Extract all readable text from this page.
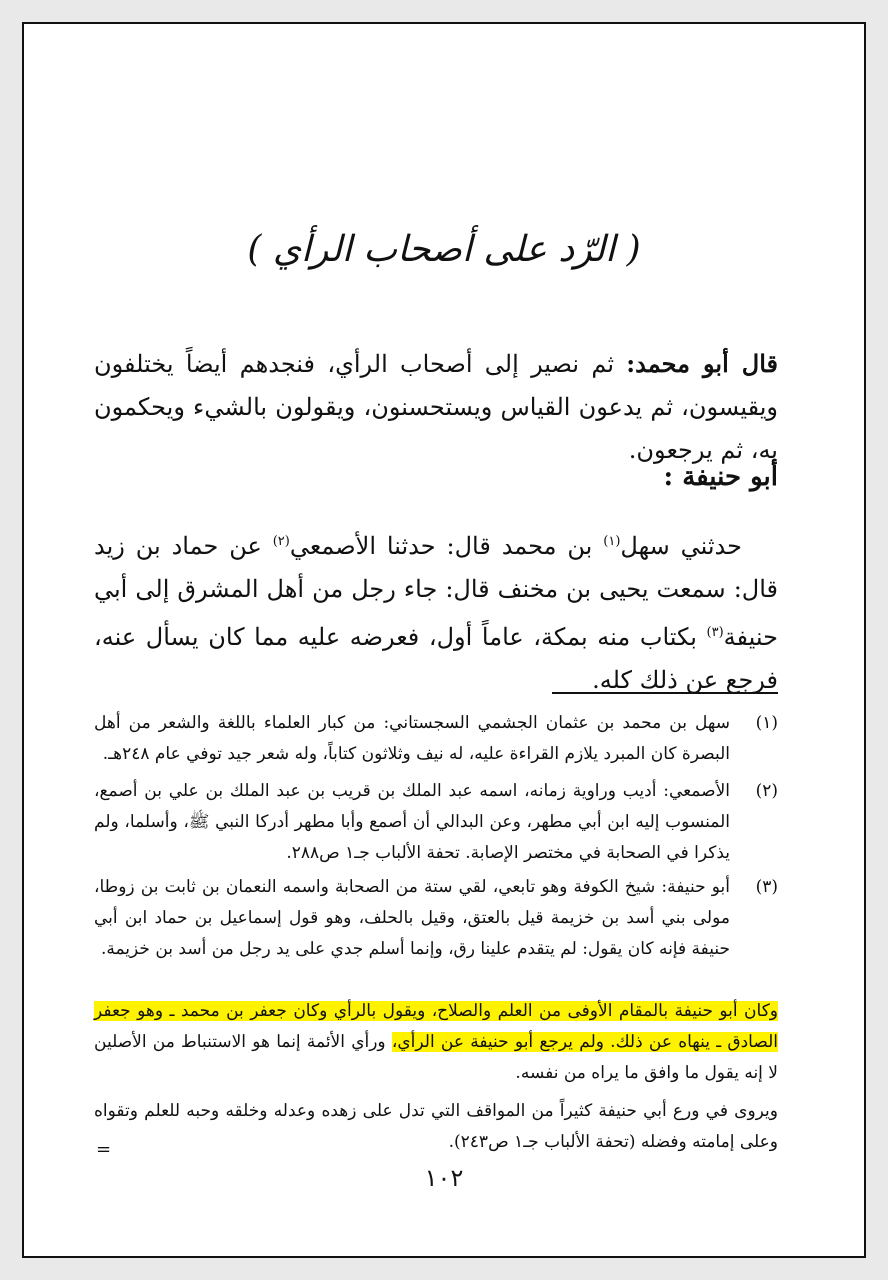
( الرّد على أصحاب الرأي )
قال أبو محمد: ثم نصير إلى أصحاب الرأي، فنجدهم أيضاً يختلفون ويقيسون، ثم يدعون القياس ويستحسنون، ويقولون بالشيء ويحكمون به، ثم يرجعون.
أبو حنيفة :
حدثني سهل$^{(١)}$ بن محمد قال: حدثنا الأصمعي$^{(٢)}$ عن حماد بن زيد قال: سمعت يحيى بن مخنف قال: جاء رجل من أهل المشرق إلى أبي حنيفة$^{(٣)}$ بكتاب منه بمكة، عاماً أول، فعرضه عليه مما كان يسأل عنه، فرجع عن ذلك كله.
(١)
سهل بن محمد بن عثمان الجشمي السجستاني: من كبار العلماء باللغة والشعر من أهل البصرة كان المبرد يلازم القراءة عليه، له نيف وثلاثون كتاباً، وله شعر جيد توفي عام ٢٤٨هـ.
(٢)
الأصمعي: أديب وراوية زمانه، اسمه عبد الملك بن قريب بن عبد الملك بن علي بن أصمع، المنسوب إليه ابن أبي مطهر، وعن البدالي أن أصمع وأبا مطهر أدركا النبي ﷺ، وأسلما، ولم يذكرا في الصحابة في مختصر الإصابة. تحفة الألباب جـ١ ص٢٨٨.
(٣)
أبو حنيفة: شيخ الكوفة وهو تابعي، لقي ستة من الصحابة واسمه النعمان بن ثابت بن زوطا، مولى بني أسد بن خزيمة قيل بالعتق، وقيل بالحلف، وهو قول إسماعيل بن حماد ابن أبي حنيفة فإنه كان يقول: لم يتقدم علينا رق، وإنما أسلم جدي على يد رجل من أسد بن خزيمة.
وكان أبو حنيفة بالمقام الأوفى من العلم والصلاح، ويقول بالرأي وكان جعفر بن محمد ـ وهو جعفر الصادق ـ ينهاه عن ذلك. ولم يرجع أبو حنيفة عن الرأي، ورأي الأئمة إنما هو الاستنباط من الأصلين لا إنه يقول ما وافق ما يراه من نفسه.
ويروى في ورع أبي حنيفة كثيراً من المواقف التي تدل على زهده وعدله وخلقه وحبه للعلم وتقواه وعلى إمامته وفضله (تحفة الألباب جـ١ ص٢٤٣).
=
١٠٢
